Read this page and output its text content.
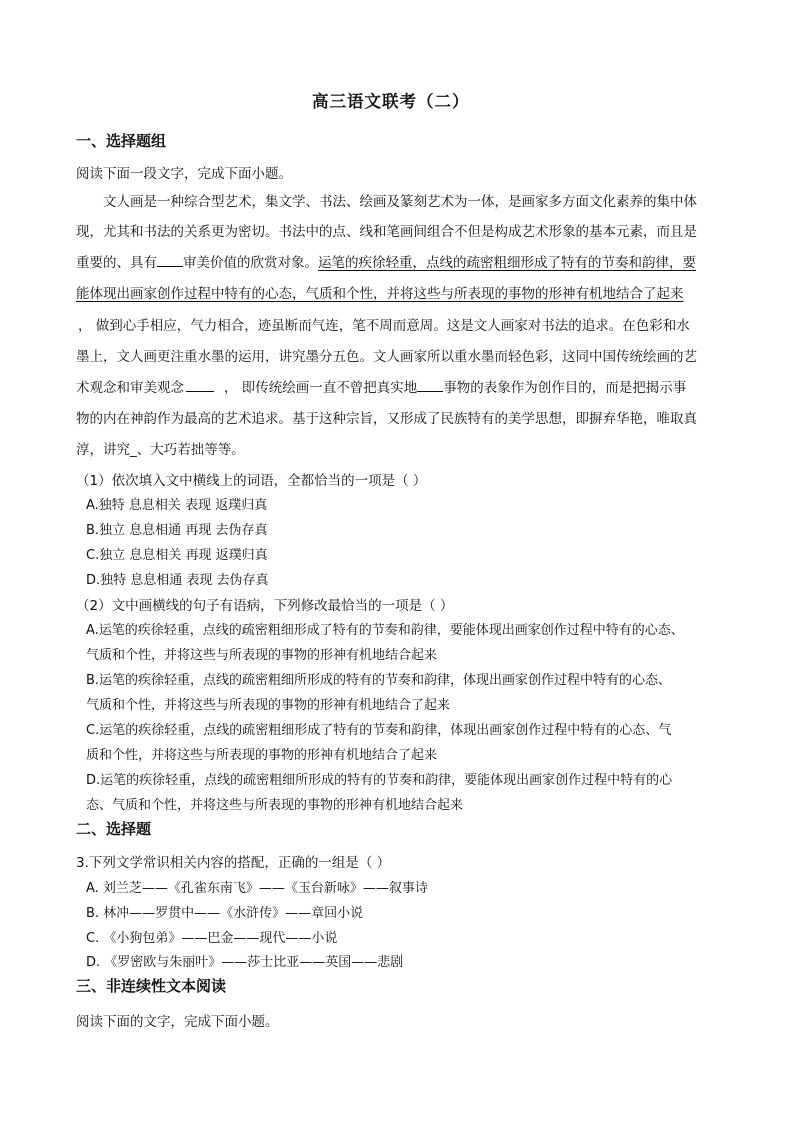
高三语文联考（二）
一、选择题组
阅读下面一段文字，完成下面小题。
文人画是一种综合型艺术，集文学、书法、绘画及篆刻艺术为一体，是画家多方面文化素养的集中体
现，尤其和书法的关系更为密切。书法中的点、线和笔画间组合不但是构成艺术形象的基本元素，而且是
重要的、具有 审美价值的欣赏对象。运笔的疾徐轻重，点线的疏密粗细形成了特有的节奏和韵律，要
能体现出画家创作过程中特有的心态，气质和个性，并将这些与所表现的事物的形神有机地结合了起来
， 做到心手相应，气力相合，迹虽断而气连，笔不周而意周。这是文人画家对书法的追求。在色彩和水
墨上，文人画更注重水墨的运用，讲究墨分五色。文人画家所以重水墨而轻色彩，这同中国传统绘画的艺
术观念和审美观念	， 即传统绘画一直不曾把真实地 事物的表象作为创作目的，而是把揭示事
物的内在神韵作为最高的艺术追求。基于这种宗旨，又形成了民族特有的美学思想，即摒弃华艳，唯取真
淳，讲究_、大巧若拙等等。
（1）依次填入文中横线上的词语，全都恰当的一项是（ ）
A.独特 息息相关 表现 返璞归真
B.独立 息息相通 再现 去伪存真
C.独立 息息相关 再现 返璞归真
D.独特 息息相通 表现 去伪存真
（2）文中画横线的句子有语病，下列修改最恰当的一项是（ ）
A.运笔的疾徐轻重，点线的疏密粗细形成了特有的节奏和韵律，要能体现出画家创作过程中特有的心态、
气质和个性，并将这些与所表现的事物的形神有机地结合起来
B.运笔的疾徐轻重，点线的疏密粗细所形成的特有的节奏和韵律，体现出画家创作过程中特有的心态、
气质和个性，并将这些与所表现的事物的形神有机地结合了起来
C.运笔的疾徐轻重，点线的疏密粗细形成了特有的节奏和韵律，体现出画家创作过程中特有的心态、气
质和个性，并将这些与所表现的事物的形神有机地结合了起来
D.运笔的疾徐轻重，点线的疏密粗细所形成的特有的节奏和韵律，要能体现出画家创作过程中特有的心
态、气质和个性，并将这些与所表现的事物的形神有机地结合起来
二、选择题
3.下列文学常识相关内容的搭配，正确的一组是（ ）
A. 刘兰芝——《孔雀东南飞》——《玉台新咏》——叙事诗
B. 林冲——罗贯中——《水浒传》——章回小说
C. 《小狗包弟》——巴金——现代——小说
D. 《罗密欧与朱丽叶》——莎士比亚——英国——悲剧
三、非连续性文本阅读
阅读下面的文字，完成下面小题。
